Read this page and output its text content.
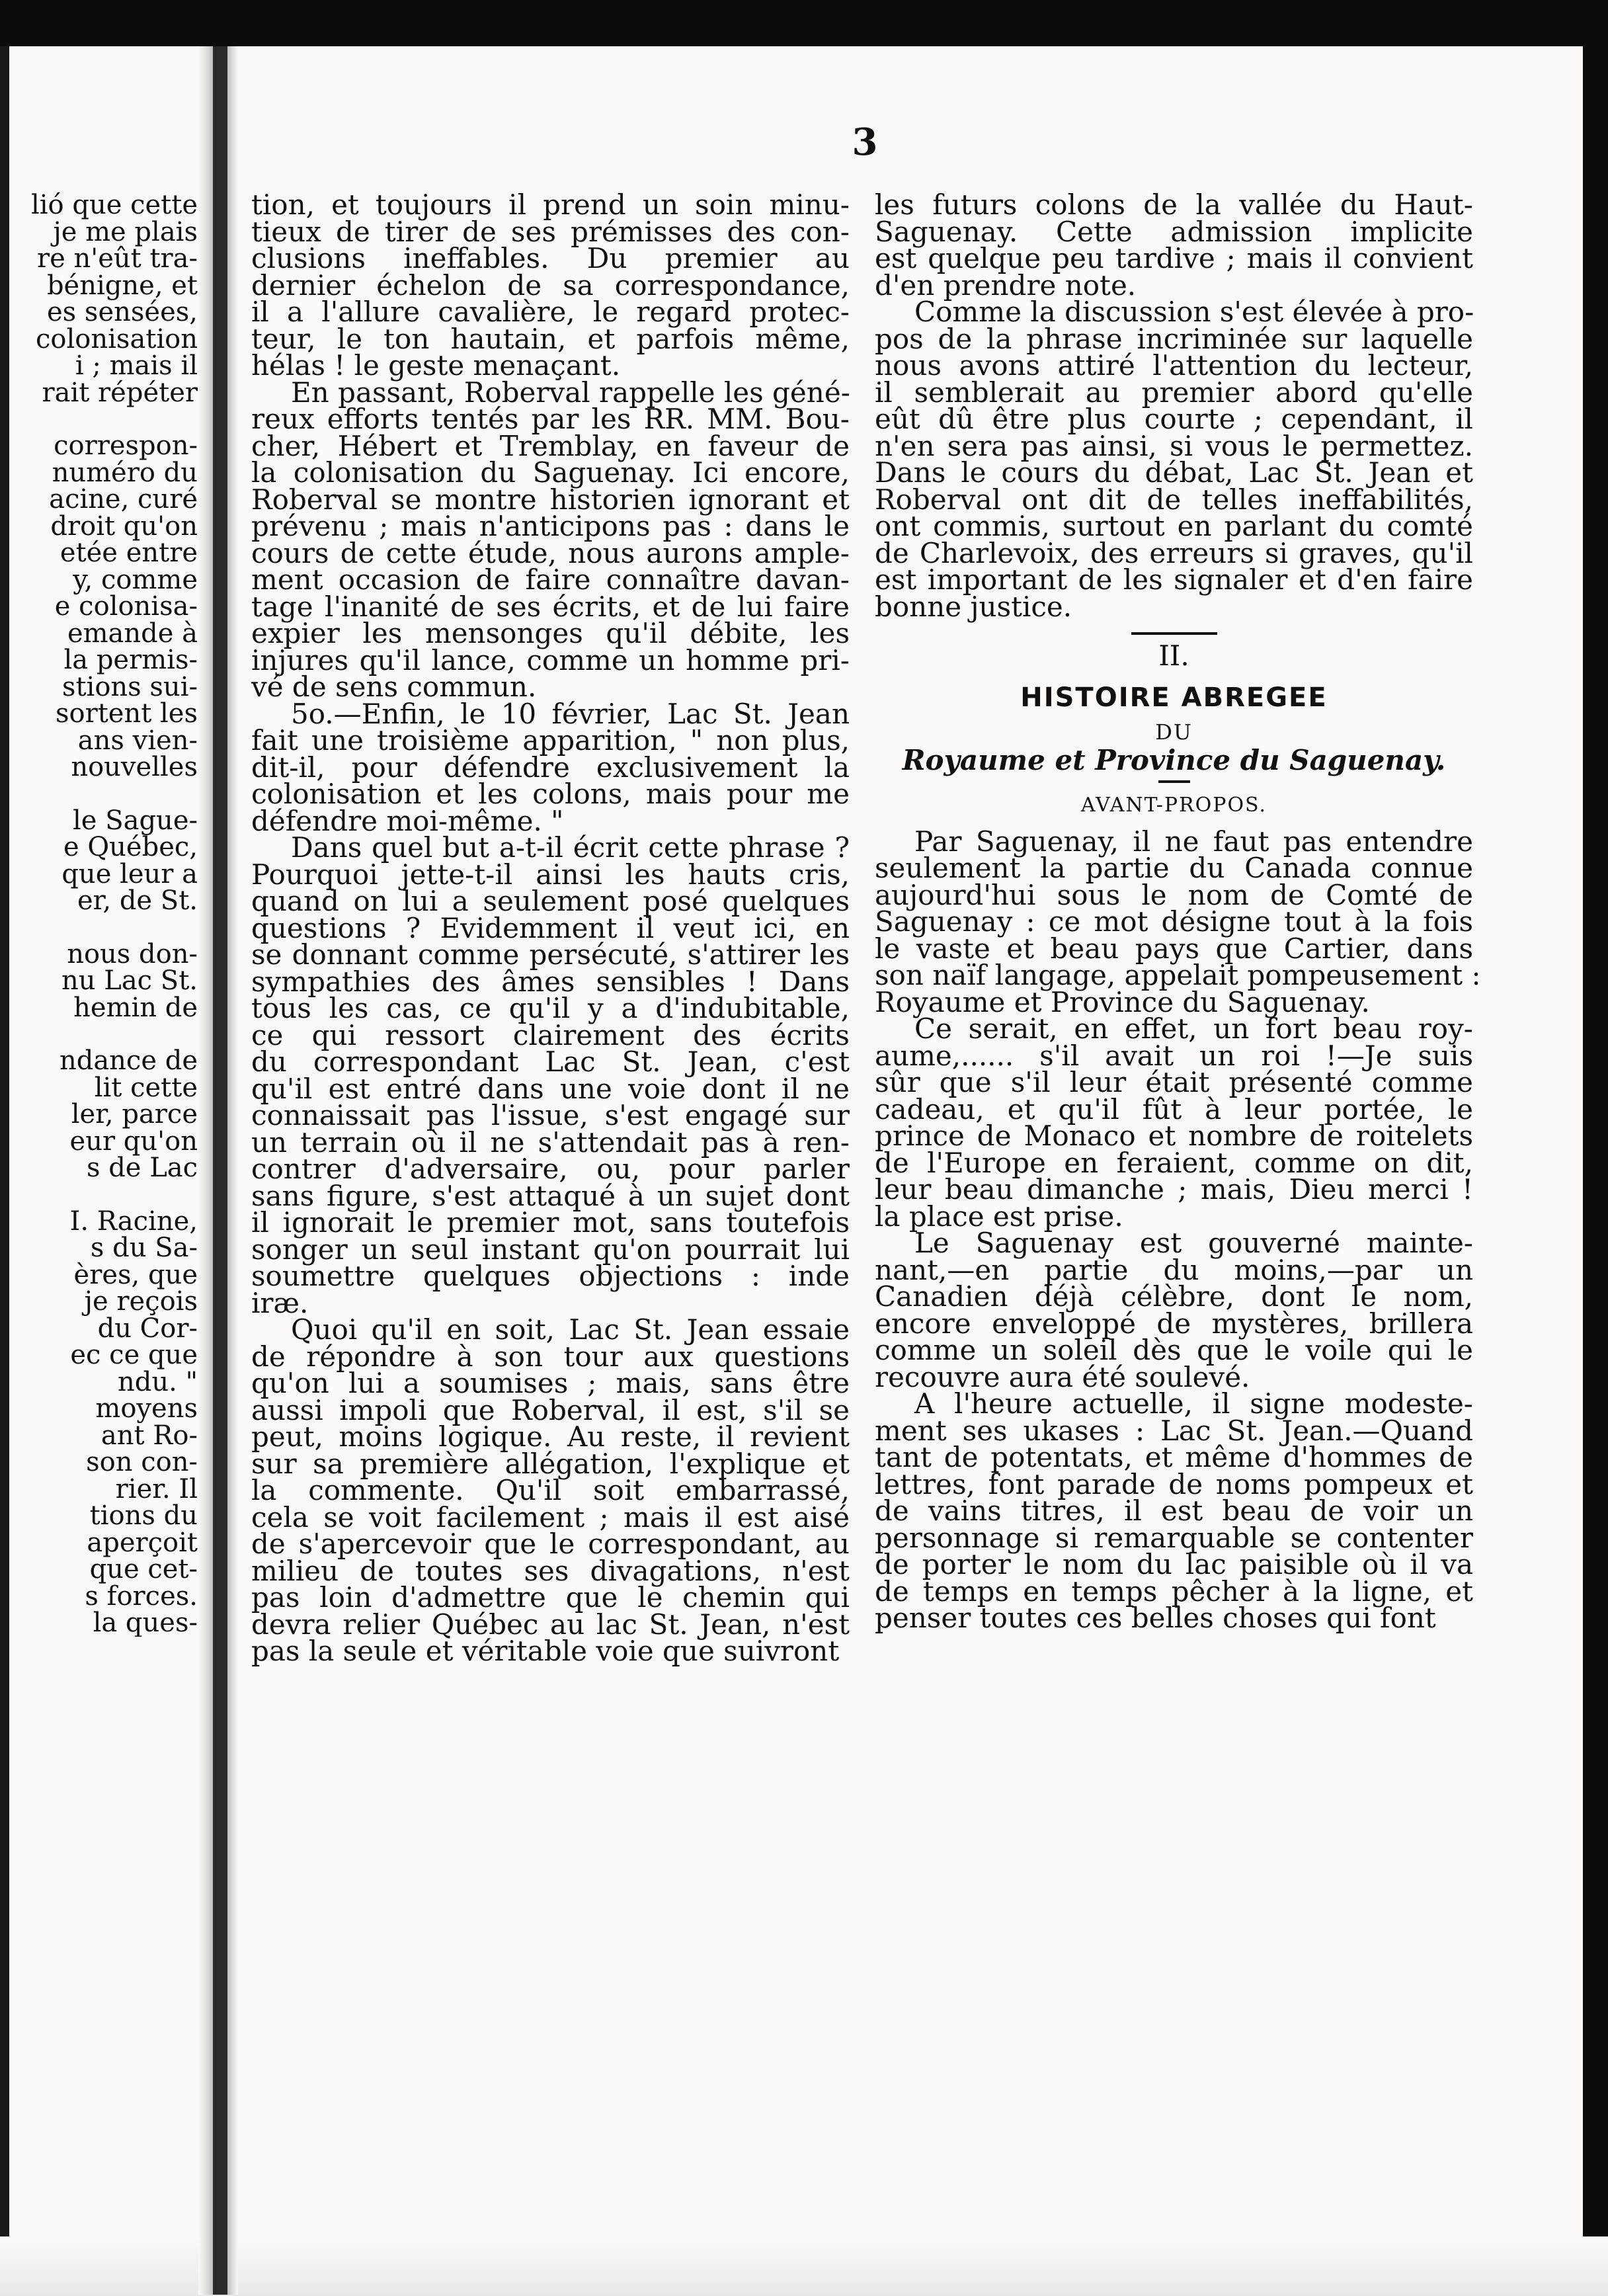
3
lió que cette
je me plais
re n'eût tra-
bénigne, et
es sensées,
colonisation
i ; mais il
rait répéter
correspon-
numéro du
acine, curé
droit qu'on
etée entre
y, comme
e colonisa-
emande à
la permis-
stions sui-
sortent les
ans vien-
nouvelles
le Sague-
e Québec,
que leur a
er, de St.
nous don-
nu Lac St.
hemin de
ndance de
lit cette
ler, parce
eur qu'on
s de Lac
I. Racine,
s du Sa-
ères, que
je reçois
du Cor-
ec ce que
ndu. "
moyens
ant Ro-
son con-
rier. Il
tions du
aperçoit
que cet-
s forces.
la ques-
tion, et toujours il prend un soin minu-
tieux de tirer de ses prémisses des con-
clusions ineffables. Du premier au
dernier échelon de sa correspondance,
il a l'allure cavalière, le regard protec-
teur, le ton hautain, et parfois même,
hélas ! le geste menaçant.
En passant, Roberval rappelle les géné-
reux efforts tentés par les RR. MM. Bou-
cher, Hébert et Tremblay, en faveur de
la colonisation du Saguenay. Ici encore,
Roberval se montre historien ignorant et
prévenu ; mais n'anticipons pas : dans le
cours de cette étude, nous aurons ample-
ment occasion de faire connaître davan-
tage l'inanité de ses écrits, et de lui faire
expier les mensonges qu'il débite, les
injures qu'il lance, comme un homme pri-
vé de sens commun.
5o.—Enfin, le 10 février, Lac St. Jean
fait une troisième apparition, " non plus,
dit-il, pour défendre exclusivement la
colonisation et les colons, mais pour me
défendre moi-même. "
Dans quel but a-t-il écrit cette phrase ?
Pourquoi jette-t-il ainsi les hauts cris,
quand on lui a seulement posé quelques
questions ? Evidemment il veut ici, en
se donnant comme persécuté, s'attirer les
sympathies des âmes sensibles ! Dans
tous les cas, ce qu'il y a d'indubitable,
ce qui ressort clairement des écrits
du correspondant Lac St. Jean, c'est
qu'il est entré dans une voie dont il ne
connaissait pas l'issue, s'est engagé sur
un terrain où il ne s'attendait pas à ren-
contrer d'adversaire, ou, pour parler
sans figure, s'est attaqué à un sujet dont
il ignorait le premier mot, sans toutefois
songer un seul instant qu'on pourrait lui
soumettre quelques objections : inde
iræ.
Quoi qu'il en soit, Lac St. Jean essaie
de répondre à son tour aux questions
qu'on lui a soumises ; mais, sans être
aussi impoli que Roberval, il est, s'il se
peut, moins logique. Au reste, il revient
sur sa première allégation, l'explique et
la commente. Qu'il soit embarrassé,
cela se voit facilement ; mais il est aisé
de s'apercevoir que le correspondant, au
milieu de toutes ses divagations, n'est
pas loin d'admettre que le chemin qui
devra relier Québec au lac St. Jean, n'est
pas la seule et véritable voie que suivront
les futurs colons de la vallée du Haut-
Saguenay. Cette admission implicite
est quelque peu tardive ; mais il convient
d'en prendre note.
Comme la discussion s'est élevée à pro-
pos de la phrase incriminée sur laquelle
nous avons attiré l'attention du lecteur,
il semblerait au premier abord qu'elle
eût dû être plus courte ; cependant, il
n'en sera pas ainsi, si vous le permettez.
Dans le cours du débat, Lac St. Jean et
Roberval ont dit de telles ineffabilités,
ont commis, surtout en parlant du comté
de Charlevoix, des erreurs si graves, qu'il
est important de les signaler et d'en faire
bonne justice.
II.
HISTOIRE ABREGEE
DU
Royaume et Province du Saguenay.
AVANT-PROPOS.
Par Saguenay, il ne faut pas entendre
seulement la partie du Canada connue
aujourd'hui sous le nom de Comté de
Saguenay : ce mot désigne tout à la fois
le vaste et beau pays que Cartier, dans
son naïf langage, appelait pompeusement :
Royaume et Province du Saguenay.
Ce serait, en effet, un fort beau roy-
aume,...... s'il avait un roi !—Je suis
sûr que s'il leur était présenté comme
cadeau, et qu'il fût à leur portée, le
prince de Monaco et nombre de roitelets
de l'Europe en feraient, comme on dit,
leur beau dimanche ; mais, Dieu merci !
la place est prise.
Le Saguenay est gouverné mainte-
nant,—en partie du moins,—par un
Canadien déjà célèbre, dont le nom,
encore enveloppé de mystères, brillera
comme un soleil dès que le voile qui le
recouvre aura été soulevé.
A l'heure actuelle, il signe modeste-
ment ses ukases : Lac St. Jean.—Quand
tant de potentats, et même d'hommes de
lettres, font parade de noms pompeux et
de vains titres, il est beau de voir un
personnage si remarquable se contenter
de porter le nom du lac paisible où il va
de temps en temps pêcher à la ligne, et
penser toutes ces belles choses qui font
